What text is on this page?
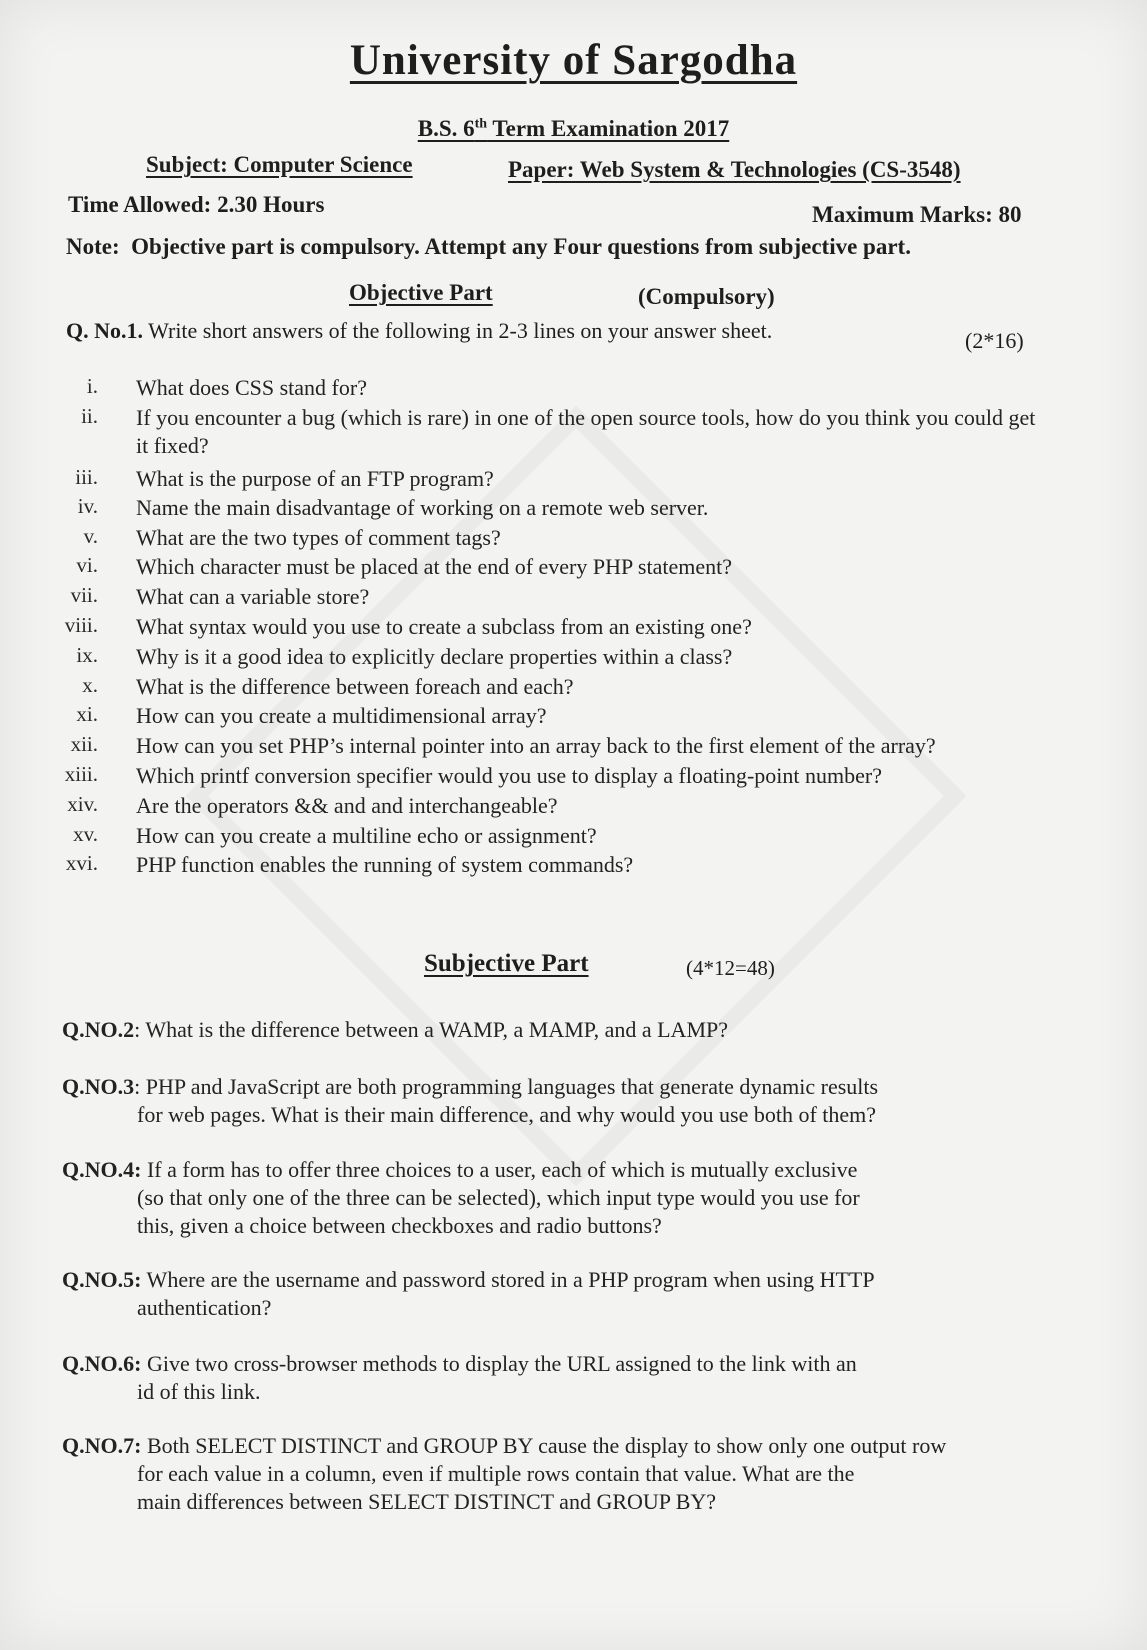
University of Sargodha
B.S. 6th Term Examination 2017
Subject: Computer Science	Paper: Web System & Technologies (CS-3548)
Time Allowed: 2.30 Hours	Maximum Marks: 80
Note: Objective part is compulsory. Attempt any Four questions from subjective part.
Objective Part	(Compulsory)
Q. No.1. Write short answers of the following in 2-3 lines on your answer sheet.	(2*16)
i. What does CSS stand for?
ii. If you encounter a bug (which is rare) in one of the open source tools, how do you think you could get it fixed?
iii. What is the purpose of an FTP program?
iv. Name the main disadvantage of working on a remote web server.
v. What are the two types of comment tags?
vi. Which character must be placed at the end of every PHP statement?
vii. What can a variable store?
viii. What syntax would you use to create a subclass from an existing one?
ix. Why is it a good idea to explicitly declare properties within a class?
x. What is the difference between foreach and each?
xi. How can you create a multidimensional array?
xii. How can you set PHP’s internal pointer into an array back to the first element of the array?
xiii. Which printf conversion specifier would you use to display a floating-point number?
xiv. Are the operators && and and interchangeable?
xv. How can you create a multiline echo or assignment?
xvi. PHP function enables the running of system commands?
Subjective Part	(4*12=48)
Q.NO.2: What is the difference between a WAMP, a MAMP, and a LAMP?
Q.NO.3: PHP and JavaScript are both programming languages that generate dynamic results
for web pages. What is their main difference, and why would you use both of them?
Q.NO.4: If a form has to offer three choices to a user, each of which is mutually exclusive
(so that only one of the three can be selected), which input type would you use for
this, given a choice between checkboxes and radio buttons?
Q.NO.5: Where are the username and password stored in a PHP program when using HTTP
authentication?
Q.NO.6: Give two cross-browser methods to display the URL assigned to the link with an
id of this link.
Q.NO.7: Both SELECT DISTINCT and GROUP BY cause the display to show only one output row
for each value in a column, even if multiple rows contain that value. What are the
main differences between SELECT DISTINCT and GROUP BY?
